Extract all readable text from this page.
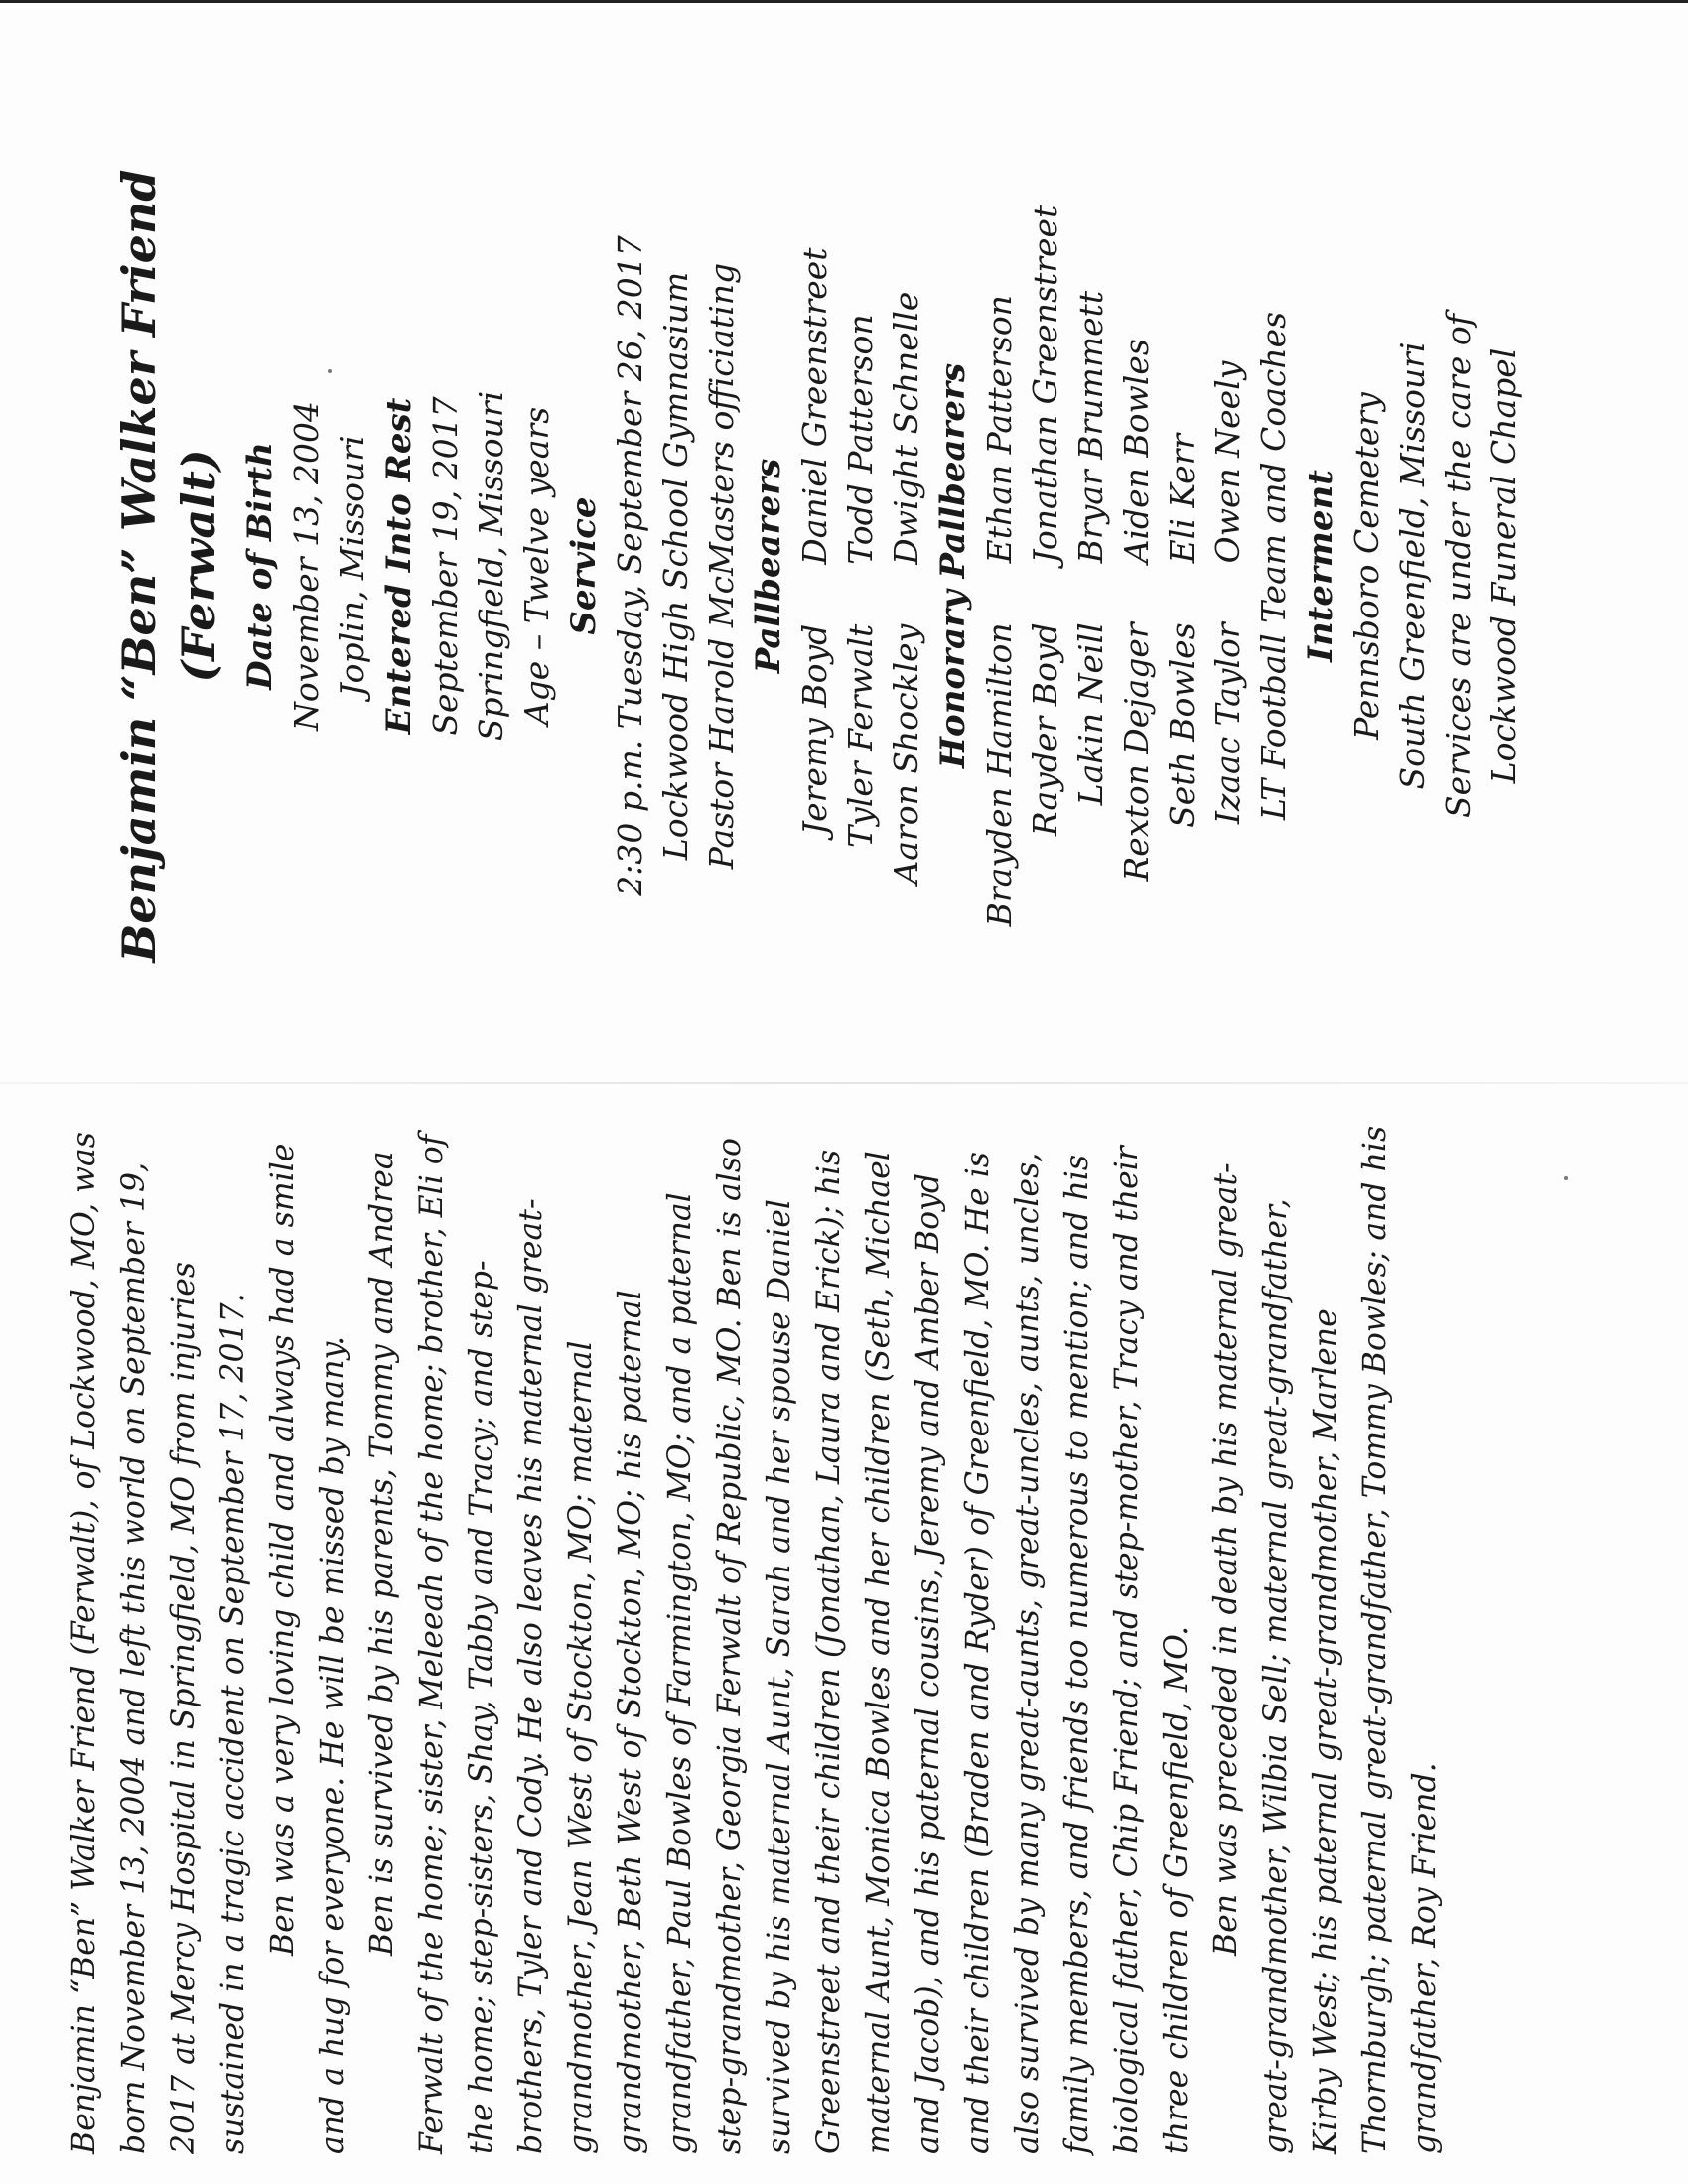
Benjamin “Ben” Walker Friend (Ferwalt) Date of Birth November 13, 2004 Joplin, Missouri Entered Into Rest September 19, 2017 Springfield, Missouri Age – Twelve years Service 2:30 p.m. Tuesday, September 26, 2017 Lockwood High School Gymnasium Pastor Harold McMasters officiating Pallbearers
Jeremy Boyd Tyler Ferwalt Aaron Shockley
Daniel Greenstreet Todd Patterson Dwight Schnelle Honorary Pallbearers
Brayden Hamilton Rayder Boyd Lakin Neill Rexton Dejager Seth Bowles Izaac Taylor
Ethan Patterson Jonathan Greenstreet Bryar Brummett Aiden Bowles Eli Kerr Owen Neely LT Football Team and Coaches Interment Pennsboro Cemetery South Greenfield, Missouri Services are under the care of Lockwood Funeral Chapel

Benjamin “Ben” Walker Friend (Ferwalt), of Lockwood, MO, was born November 13, 2004 and left this world on September 19, 2017 at Mercy Hospital in Springfield, MO from injuries sustained in a tragic accident on September 17, 2017. Ben was a very loving child and always had a smile and a hug for everyone. He will be missed by many. Ben is survived by his parents, Tommy and Andrea Ferwalt of the home; sister, Meleeah of the home; brother, Eli of the home; step-sisters, Shay, Tabby and Tracy; and step-brothers, Tyler and Cody. He also leaves his maternal great-grandmother, Jean West of Stockton, MO; maternal grandmother, Beth West of Stockton, MO; his paternal grandfather, Paul Bowles of Farmington, MO; and a paternal step-grandmother, Georgia Ferwalt of Republic, MO. Ben is also survived by his maternal Aunt, Sarah and her spouse Daniel Greenstreet and their children (Jonathan, Laura and Erick); his maternal Aunt, Monica Bowles and her children (Seth, Michael and Jacob), and his paternal cousins, Jeremy and Amber Boyd and their children (Braden and Ryder) of Greenfield, MO. He is also survived by many great-aunts, great-uncles, aunts, uncles, family members, and friends too numerous to mention; and his biological father, Chip Friend; and step-mother, Tracy and their three children of Greenfield, MO. Ben was preceded in death by his maternal great-great-grandmother, Wilbia Sell; maternal great-grandfather, Kirby West; his paternal great-grandmother, Marlene Thornburgh; paternal great-grandfather, Tommy Bowles; and his grandfather, Roy Friend.
